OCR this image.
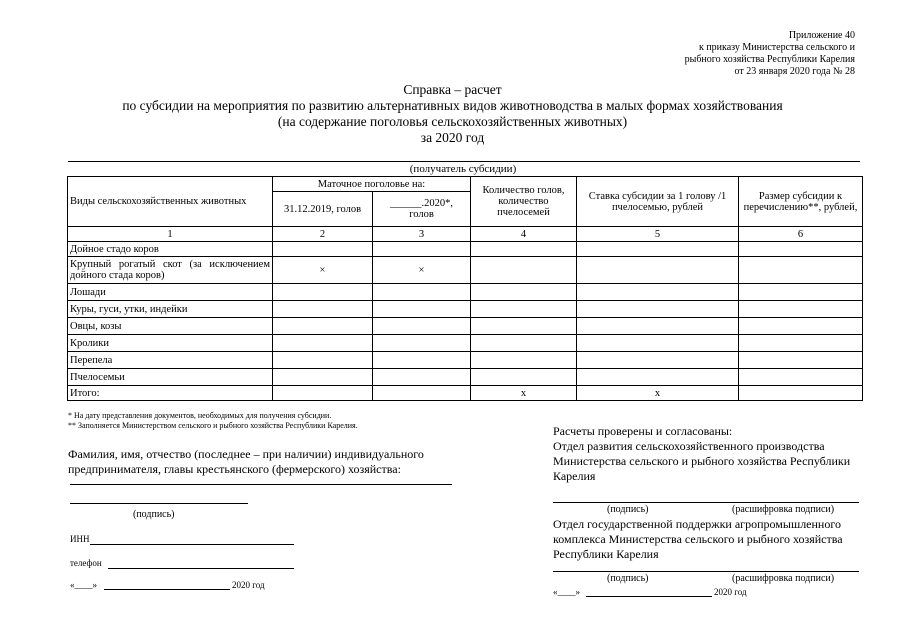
Приложение 40
к приказу Министерства сельского и
рыбного хозяйства Республики Карелия
от 23 января 2020 года № 28
Справка – расчет
по субсидии на мероприятия по развитию альтернативных видов животноводства в малых формах хозяйствования
(на содержание поголовья сельскохозяйственных животных)
за 2020 год
(получатель субсидии)
Виды сельскохозяйственных животных	Маточное поголовье на:		Количество голов, количество пчелосемей	Ставка субсидии за 1 голову /1 пчелосемью, рублей	Размер субсидии к перечислению**, рублей,
	31.12.2019, голов	______.2020*,
голов			

1	2	3	4	5	6
Дойное стадо коров					
Крупный рогатый скот (за исключением дойного стада коров)	×	×			
Лошади					
Куры, гуси, утки, индейки					
Овцы, козы					
Кролики					
Перепела					
Пчелосемьи					
Итого:			х	х	
* На дату представления документов, необходимых для получения субсидии.
** Заполняется Министерством сельского и рыбного хозяйства Республики Карелия.
Фамилия, имя, отчество (последнее – при наличии) индивидуального
предпринимателя, главы крестьянского (фермерского) хозяйства:
(подпись)
ИНН
телефон
«____»	2020 год
Расчеты проверены и согласованы:
Отдел развития сельскохозяйственного производства
Министерства сельского и рыбного хозяйства Республики
Карелия
(подпись)	(расшифровка подписи)
Отдел государственной поддержки агропромышленного
комплекса Министерства сельского и рыбного хозяйства
Республики Карелия
(подпись)	(расшифровка подписи)
«____»	2020 год
